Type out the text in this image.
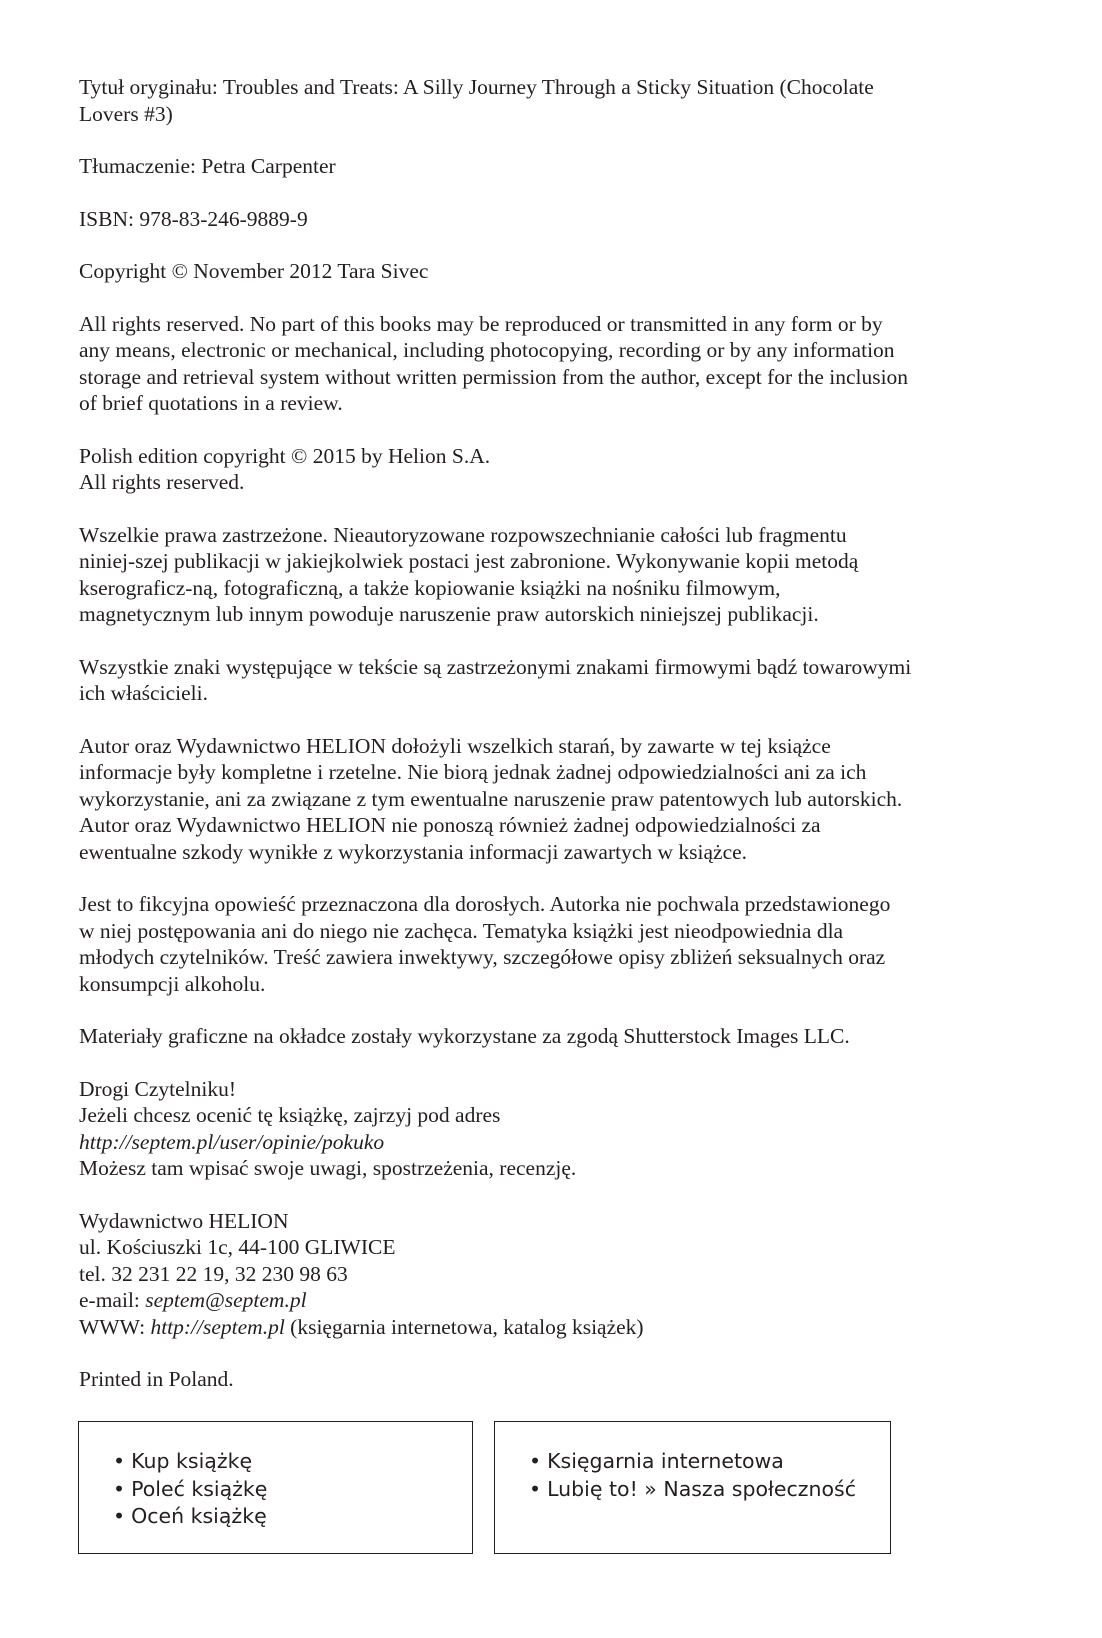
Tytuł oryginału: Troubles and Treats: A Silly Journey Through a Sticky Situation (Chocolate
Lovers #3)

Tłumaczenie: Petra Carpenter

ISBN: 978-83-246-9889-9

Copyright © November 2012 Tara Sivec

All rights reserved. No part of this books may be reproduced or transmitted in any form or by
any means, electronic or mechanical, including photocopying, recording or by any information
storage and retrieval system without written permission from the author, except for the inclusion
of brief quotations in a review.

Polish edition copyright © 2015 by Helion S.A.
All rights reserved.

Wszelkie prawa zastrzeżone. Nieautoryzowane rozpowszechnianie całości lub fragmentu
niniej-szej publikacji w jakiejkolwiek postaci jest zabronione. Wykonywanie kopii metodą
kserograficz-ną, fotograficzną, a także kopiowanie książki na nośniku filmowym,
magnetycznym lub innym powoduje naruszenie praw autorskich niniejszej publikacji.

Wszystkie znaki występujące w tekście są zastrzeżonymi znakami firmowymi bądź towarowymi
ich właścicieli.

Autor oraz Wydawnictwo HELION dołożyli wszelkich starań, by zawarte w tej książce
informacje były kompletne i rzetelne. Nie biorą jednak żadnej odpowiedzialności ani za ich
wykorzystanie, ani za związane z tym ewentualne naruszenie praw patentowych lub autorskich.
Autor oraz Wydawnictwo HELION nie ponoszą również żadnej odpowiedzialności za
ewentualne szkody wynikłe z wykorzystania informacji zawartych w książce.

Jest to fikcyjna opowieść przeznaczona dla dorosłych. Autorka nie pochwala przedstawionego
w niej postępowania ani do niego nie zachęca. Tematyka książki jest nieodpowiednia dla
młodych czytelników. Treść zawiera inwektywy, szczegółowe opisy zbliżeń seksualnych oraz
konsumpcji alkoholu.

Materiały graficzne na okładce zostały wykorzystane za zgodą Shutterstock Images LLC.

Drogi Czytelniku!
Jeżeli chcesz ocenić tę książkę, zajrzyj pod adres
http://septem.pl/user/opinie/pokuko
Możesz tam wpisać swoje uwagi, spostrzeżenia, recenzję.

Wydawnictwo HELION
ul. Kościuszki 1c, 44-100 GLIWICE
tel. 32 231 22 19, 32 230 98 63
e-mail: septem@septem.pl
WWW: http://septem.pl (księgarnia internetowa, katalog książek)

Printed in Poland.

• Kup książkę
• Poleć książkę
• Oceń książkę
• Księgarnia internetowa
• Lubię to! » Nasza społeczność
